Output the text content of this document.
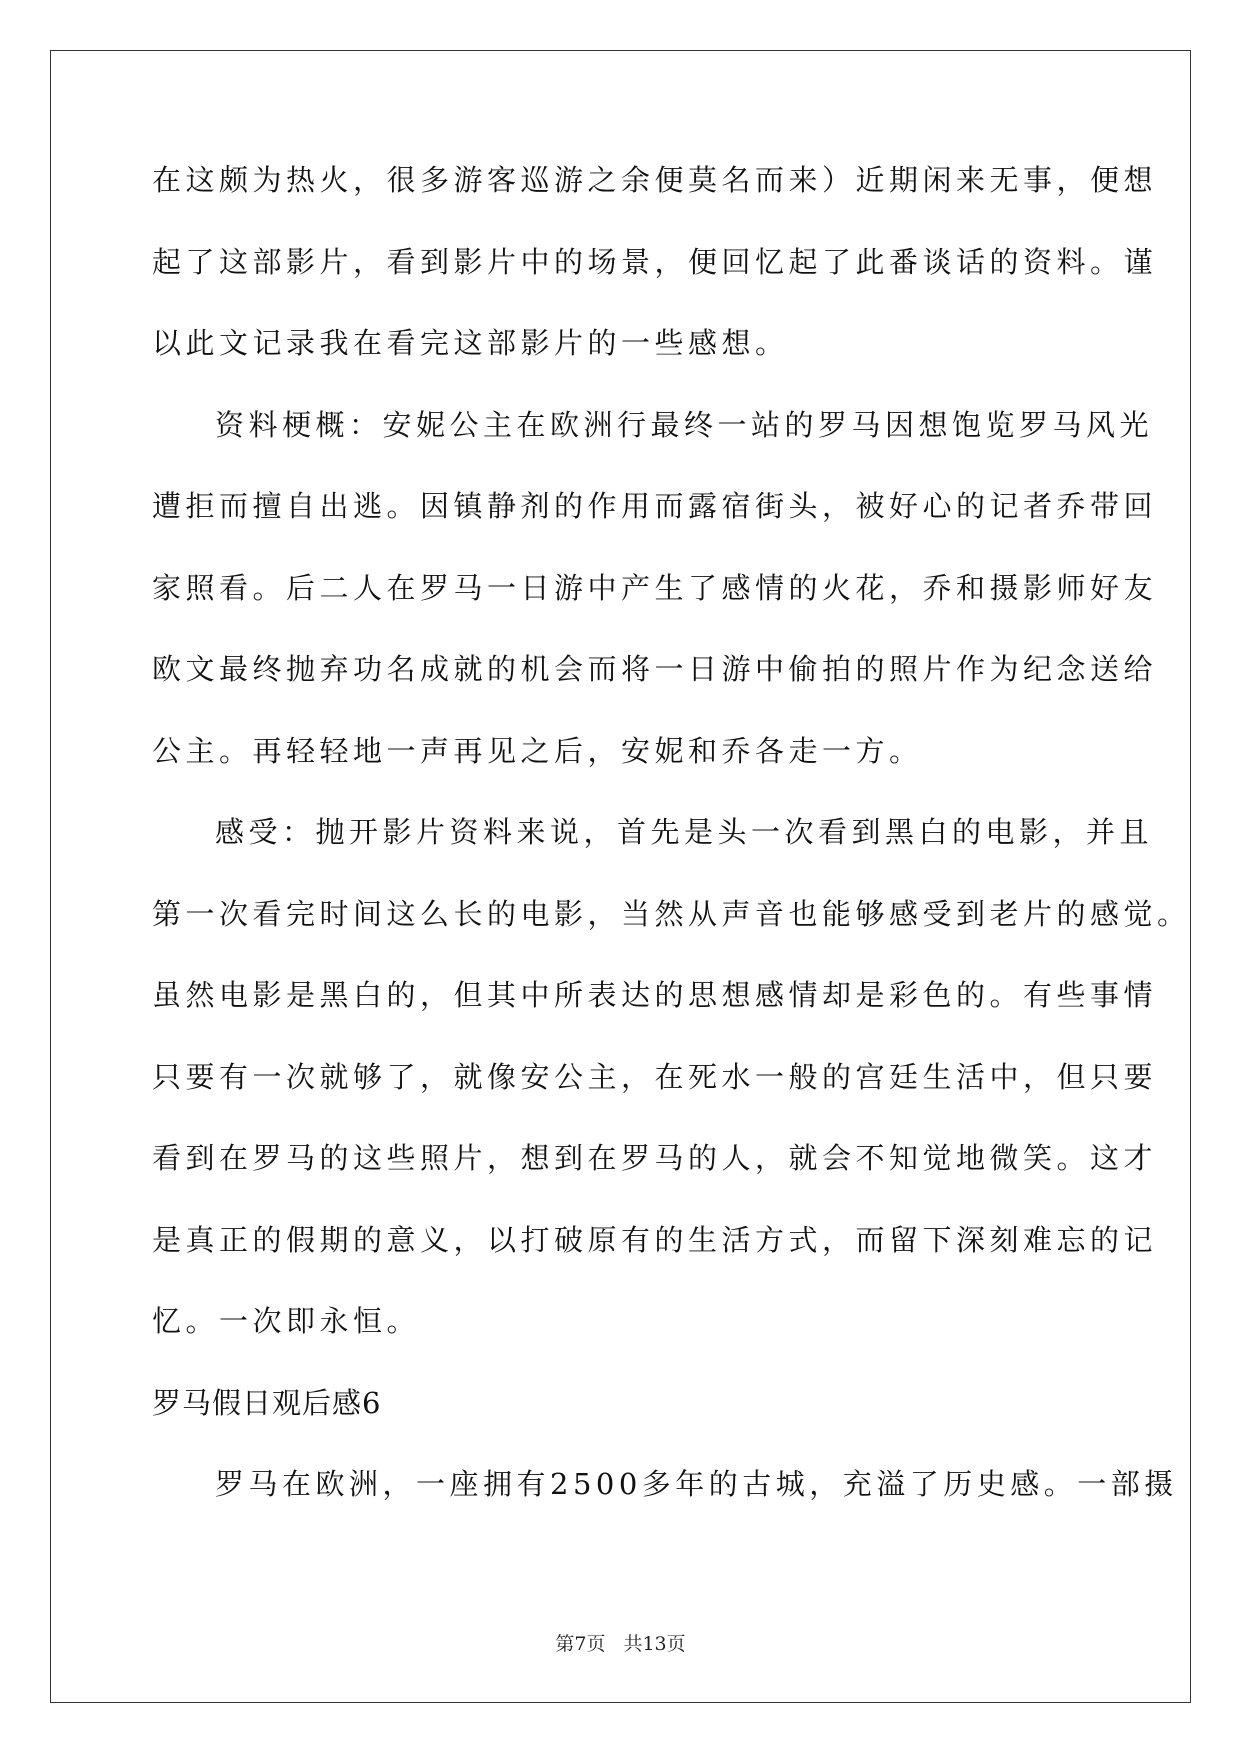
在这颇为热火，很多游客巡游之余便莫名而来）近期闲来无事，便想
起了这部影片，看到影片中的场景，便回忆起了此番谈话的资料。谨
以此文记录我在看完这部影片的一些感想。
资料梗概：安妮公主在欧洲行最终一站的罗马因想饱览罗马风光
遭拒而擅自出逃。因镇静剂的作用而露宿街头，被好心的记者乔带回
家照看。后二人在罗马一日游中产生了感情的火花，乔和摄影师好友
欧文最终抛弃功名成就的机会而将一日游中偷拍的照片作为纪念送给
公主。再轻轻地一声再见之后，安妮和乔各走一方。
感受：抛开影片资料来说，首先是头一次看到黑白的电影，并且
第一次看完时间这么长的电影，当然从声音也能够感受到老片的感觉。
虽然电影是黑白的，但其中所表达的思想感情却是彩色的。有些事情
只要有一次就够了，就像安公主，在死水一般的宫廷生活中，但只要
看到在罗马的这些照片，想到在罗马的人，就会不知觉地微笑。这才
是真正的假期的意义，以打破原有的生活方式，而留下深刻难忘的记
忆。一次即永恒。
罗马假日观后感6
罗马在欧洲，一座拥有2500多年的古城，充溢了历史感。一部摄
第7页 共13页
